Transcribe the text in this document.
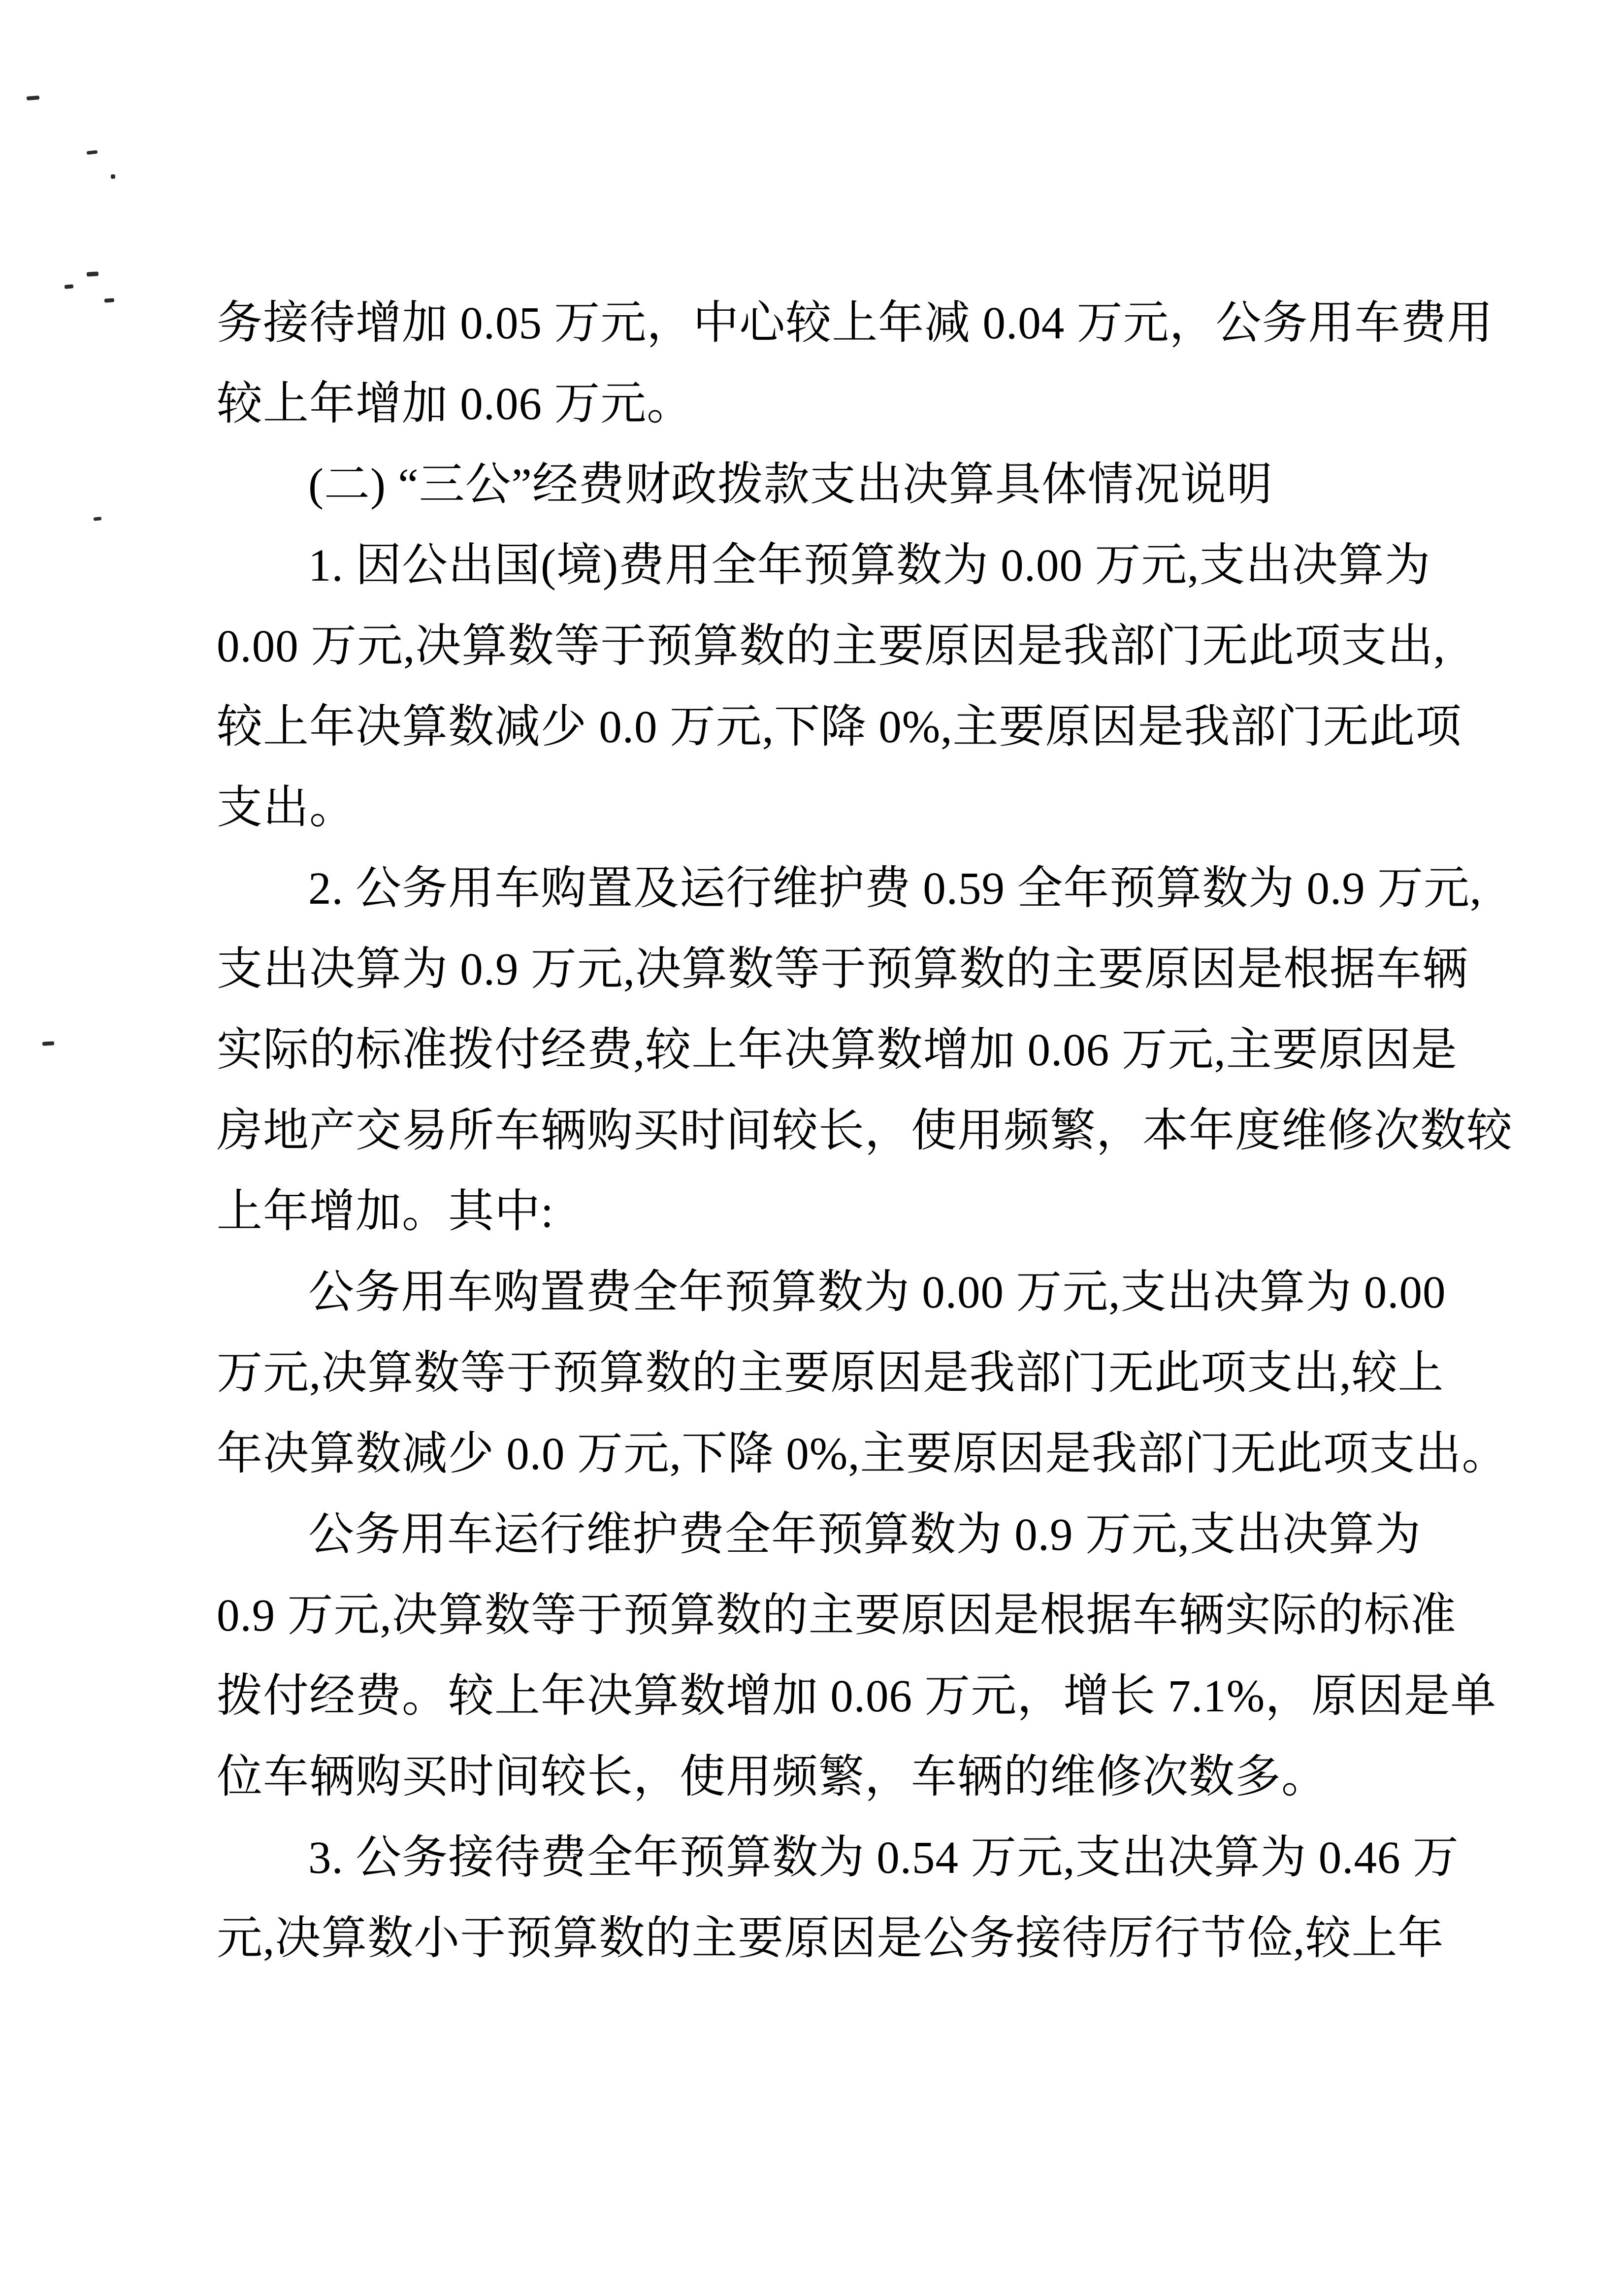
务接待增加 0.05 万元，中心较上年减 0.04 万元，公务用车费用
较上年增加 0.06 万元。
(二) “三公”经费财政拨款支出决算具体情况说明
1. 因公出国(境)费用全年预算数为 0.00 万元,支出决算为
0.00 万元,决算数等于预算数的主要原因是我部门无此项支出,
较上年决算数减少 0.0 万元,下降 0%,主要原因是我部门无此项
支出。
2. 公务用车购置及运行维护费 0.59 全年预算数为 0.9 万元,
支出决算为 0.9 万元,决算数等于预算数的主要原因是根据车辆
实际的标准拨付经费,较上年决算数增加 0.06 万元,主要原因是
房地产交易所车辆购买时间较长，使用频繁，本年度维修次数较
上年增加。其中:
公务用车购置费全年预算数为 0.00 万元,支出决算为 0.00
万元,决算数等于预算数的主要原因是我部门无此项支出,较上
年决算数减少 0.0 万元,下降 0%,主要原因是我部门无此项支出。
公务用车运行维护费全年预算数为 0.9 万元,支出决算为
0.9 万元,决算数等于预算数的主要原因是根据车辆实际的标准
拨付经费。较上年决算数增加 0.06 万元，增长 7.1%，原因是单
位车辆购买时间较长，使用频繁，车辆的维修次数多。
3. 公务接待费全年预算数为 0.54 万元,支出决算为 0.46 万
元,决算数小于预算数的主要原因是公务接待厉行节俭,较上年
